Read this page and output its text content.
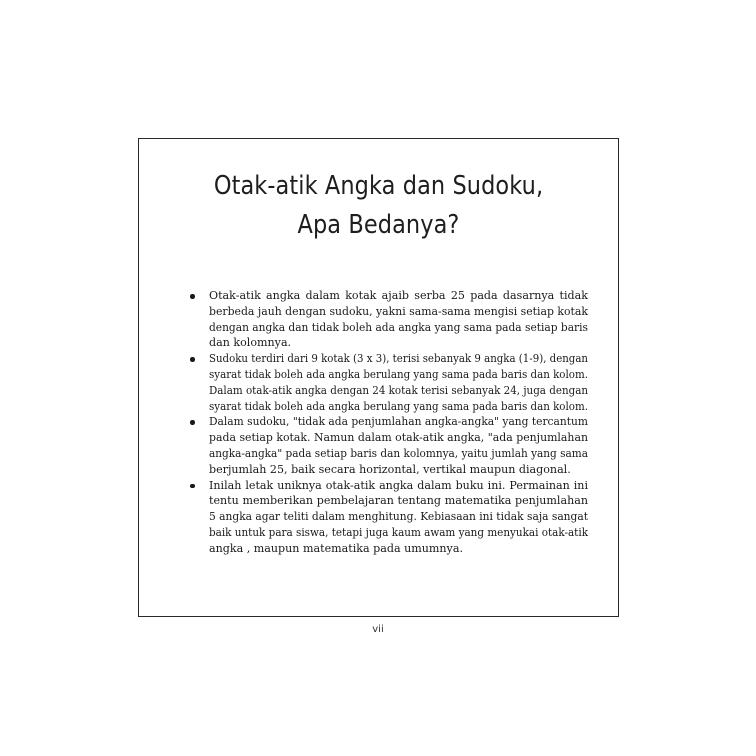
Otak-atik Angka dan Sudoku,
Apa Bedanya?
Otak-atik angka dalam kotak ajaib serba 25 pada dasarnya tidak
berbeda jauh dengan sudoku, yakni sama-sama mengisi setiap kotak
dengan angka dan tidak boleh ada angka yang sama pada setiap baris
dan kolomnya.
Sudoku terdiri dari 9 kotak (3 x 3), terisi sebanyak 9 angka (1-9), dengan
syarat tidak boleh ada angka berulang yang sama pada baris dan kolom.
Dalam otak-atik angka dengan 24 kotak terisi sebanyak 24, juga dengan
syarat tidak boleh ada angka berulang yang sama pada baris dan kolom.
Dalam sudoku, "tidak ada penjumlahan angka-angka" yang tercantum
pada setiap kotak. Namun dalam otak-atik angka, "ada penjumlahan
angka-angka" pada setiap baris dan kolomnya, yaitu jumlah yang sama
berjumlah 25, baik secara horizontal, vertikal maupun diagonal.
Inilah letak uniknya otak-atik angka dalam buku ini. Permainan ini
tentu memberikan pembelajaran tentang matematika penjumlahan
5 angka agar teliti dalam menghitung. Kebiasaan ini tidak saja sangat
baik untuk para siswa, tetapi juga kaum awam yang menyukai otak-atik
angka , maupun matematika pada umumnya.
vii
